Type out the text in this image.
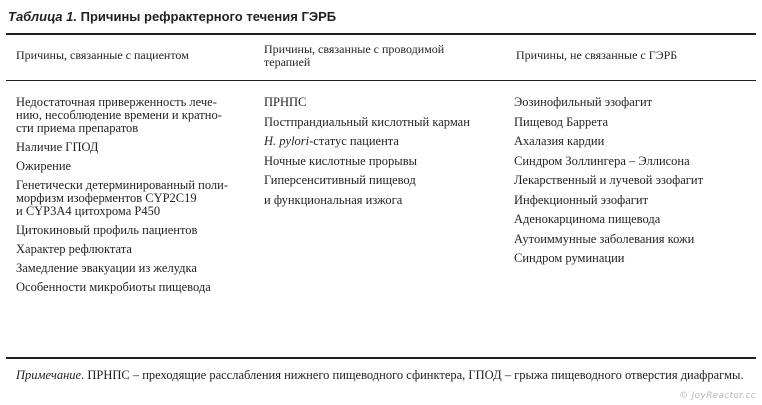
Таблица 1. Причины рефрактерного течения ГЭРБ
Причины, связанные с пациентом	Причины, связанные с проводимой
терапией	Причины, не связанные с ГЭРБ
Недостаточная приверженность лече-
нию, несоблюдение времени и кратно-
сти приема препаратов
Наличие ГПОД
Ожирение
Генетически детерминированный поли-
морфизм изоферментов CYP2C19
и CYP3A4 цитохрома P450
Цитокиновый профиль пациентов
Характер рефлюктата
Замедление эвакуации из желудка
Особенности микробиоты пищевода
ПРНПС
Постпрандиальный кислотный карман
H. pylori-статус пациента
Ночные кислотные прорывы
Гиперсенситивный пищевод
и функциональная изжога
Эозинофильный эзофагит
Пищевод Баррета
Ахалазия кардии
Синдром Золлингера – Эллисона
Лекарственный и лучевой эзофагит
Инфекционный эзофагит
Аденокарцинома пищевода
Аутоиммунные заболевания кожи
Синдром руминации
Примечание. ПРНПС – преходящие расслабления нижнего пищеводного сфинктера, ГПОД – грыжа пищеводного отверстия диафрагмы.
© JoyReactor.cc
